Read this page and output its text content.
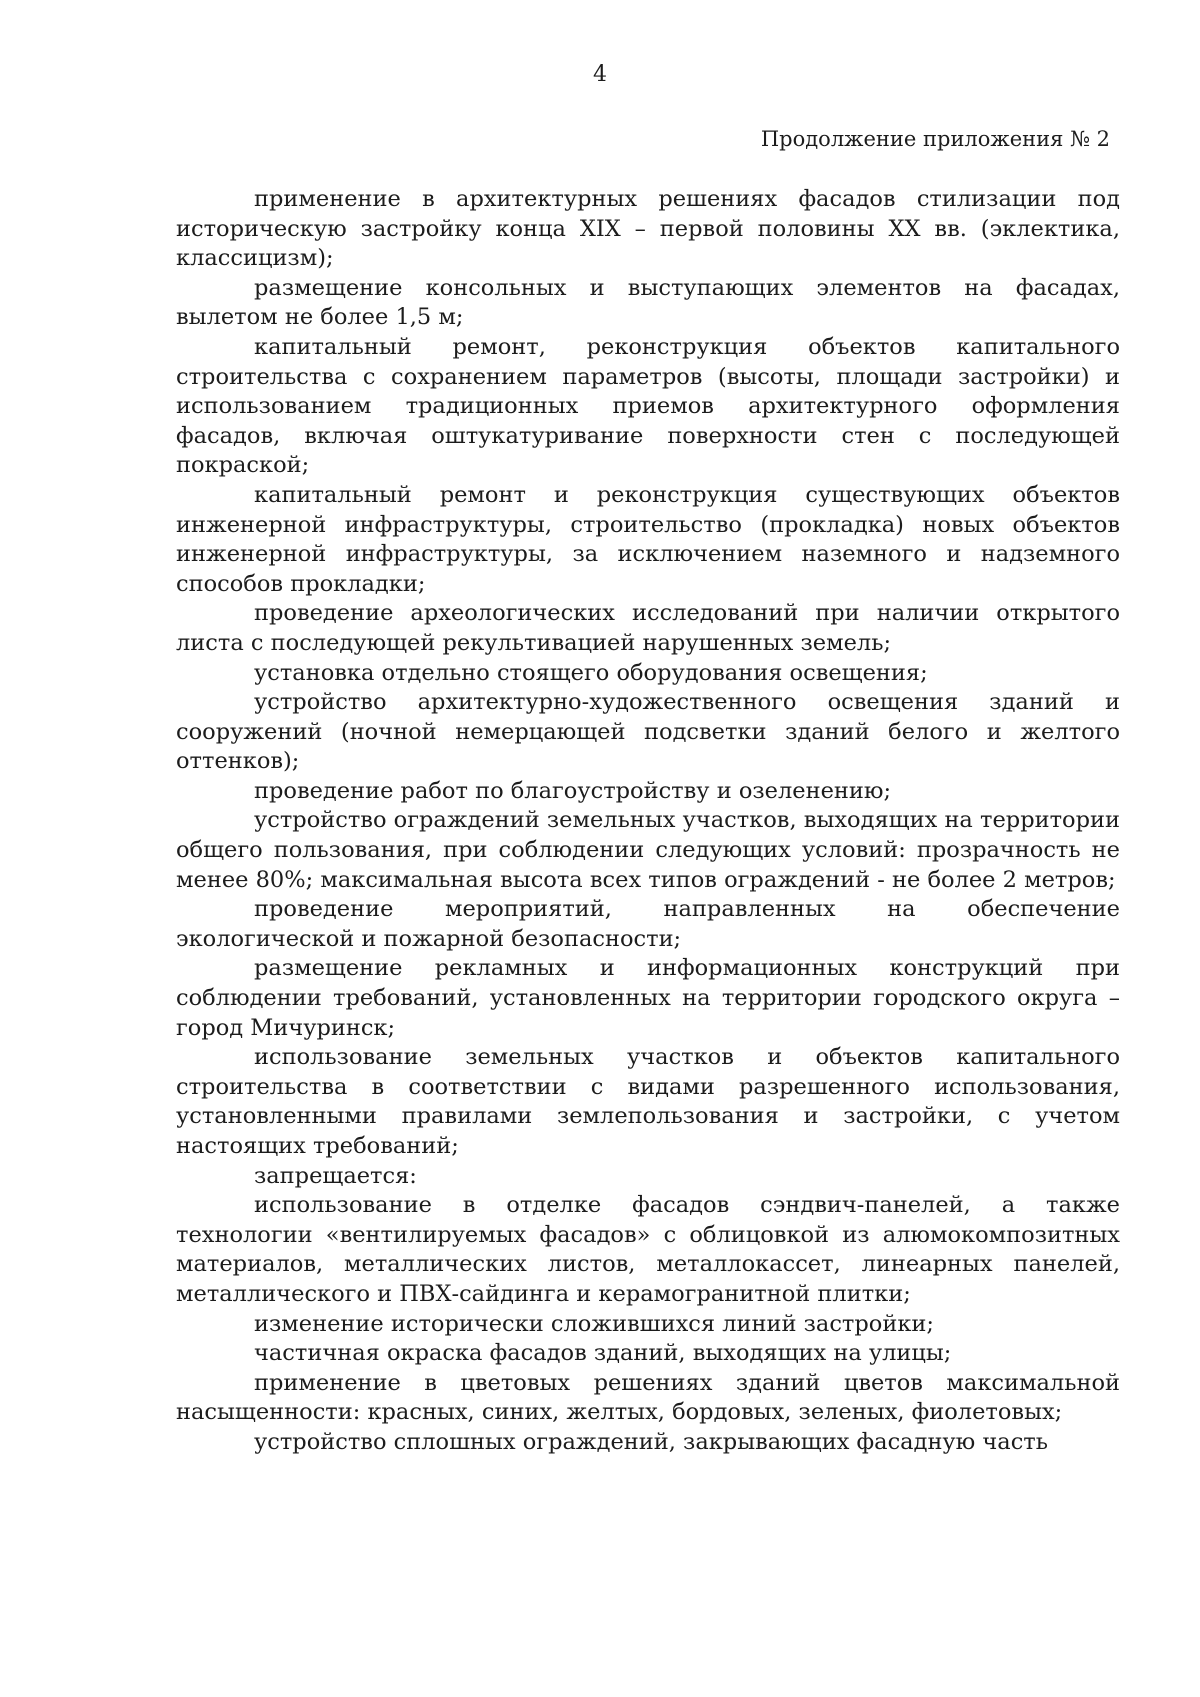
4
Продолжение приложения № 2

применение в архитектурных решениях фасадов стилизации под историческую застройку конца XIX – первой половины XX вв. (эклектика, классицизм);

размещение консольных и выступающих элементов на фасадах, вылетом не более 1,5 м;

капитальный ремонт, реконструкция объектов капитального строительства с сохранением параметров (высоты, площади застройки) и использованием традиционных приемов архитектурного оформления фасадов, включая оштукатуривание поверхности стен с последующей покраской;

капитальный ремонт и реконструкция существующих объектов инженерной инфраструктуры, строительство (прокладка) новых объектов инженерной инфраструктуры, за исключением наземного и надземного способов прокладки;

проведение археологических исследований при наличии открытого листа с последующей рекультивацией нарушенных земель;

установка отдельно стоящего оборудования освещения;

устройство архитектурно-художественного освещения зданий и сооружений (ночной немерцающей подсветки зданий белого и желтого оттенков);

проведение работ по благоустройству и озеленению;

устройство ограждений земельных участков, выходящих на территории общего пользования, при соблюдении следующих условий: прозрачность не менее 80%; максимальная высота всех типов ограждений - не более 2 метров;

проведение мероприятий, направленных на обеспечение экологической и пожарной безопасности;

размещение рекламных и информационных конструкций при соблюдении требований, установленных на территории городского округа – город Мичуринск;

использование земельных участков и объектов капитального строительства в соответствии с видами разрешенного использования, установленными правилами землепользования и застройки, с учетом настоящих требований;

запрещается:

использование в отделке фасадов сэндвич-панелей, а также технологии «вентилируемых фасадов» с облицовкой из алюмокомпозитных материалов, металлических листов, металлокассет, линеарных панелей, металлического и ПВХ-сайдинга и керамогранитной плитки;

изменение исторически сложившихся линий застройки;

частичная окраска фасадов зданий, выходящих на улицы;

применение в цветовых решениях зданий цветов максимальной насыщенности: красных, синих, желтых, бордовых, зеленых, фиолетовых;

устройство сплошных ограждений, закрывающих фасадную часть
